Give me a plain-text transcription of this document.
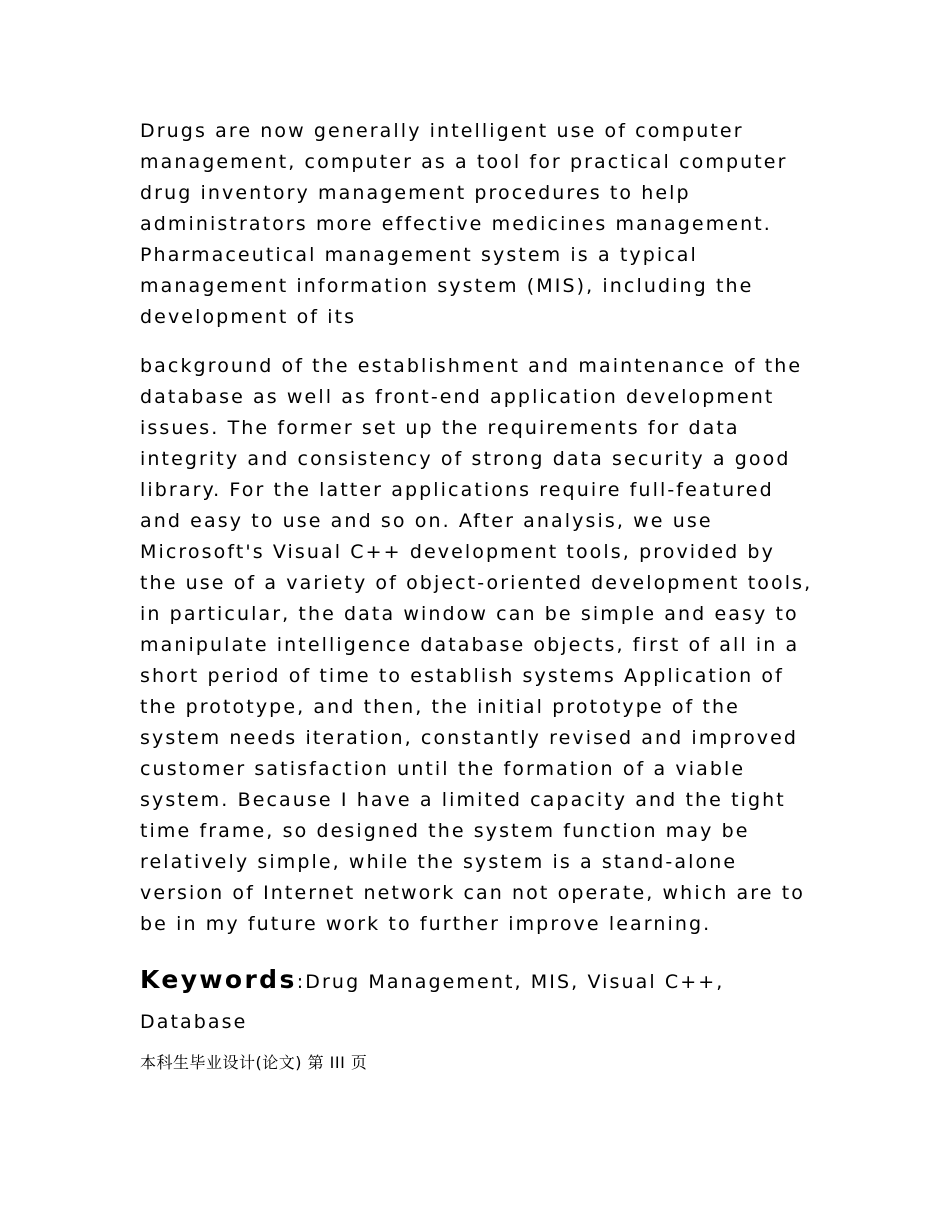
Drugs are now generally intelligent use of computer management, computer as a tool for practical computer drug inventory management procedures to help administrators more effective medicines management. Pharmaceutical management system is a typical management information system (MIS), including the development of its

background of the establishment and maintenance of the database as well as front-end application development issues. The former set up the requirements for data integrity and consistency of strong data security a good library. For the latter applications require full-featured and easy to use and so on. After analysis, we use Microsoft's Visual C++ development tools, provided by the use of a variety of object-oriented development tools, in particular, the data window can be simple and easy to manipulate intelligence database objects, first of all in a short period of time to establish systems Application of the prototype, and then, the initial prototype of the system needs iteration, constantly revised and improved customer satisfaction until the formation of a viable system. Because I have a limited capacity and the tight time frame, so designed the system function may be relatively simple, while the system is a stand-alone version of Internet network can not operate, which are to be in my future work to further improve learning.

Keywords:Drug Management, MIS, Visual C++, Database

本科生毕业设计(论文) 第 III 页
